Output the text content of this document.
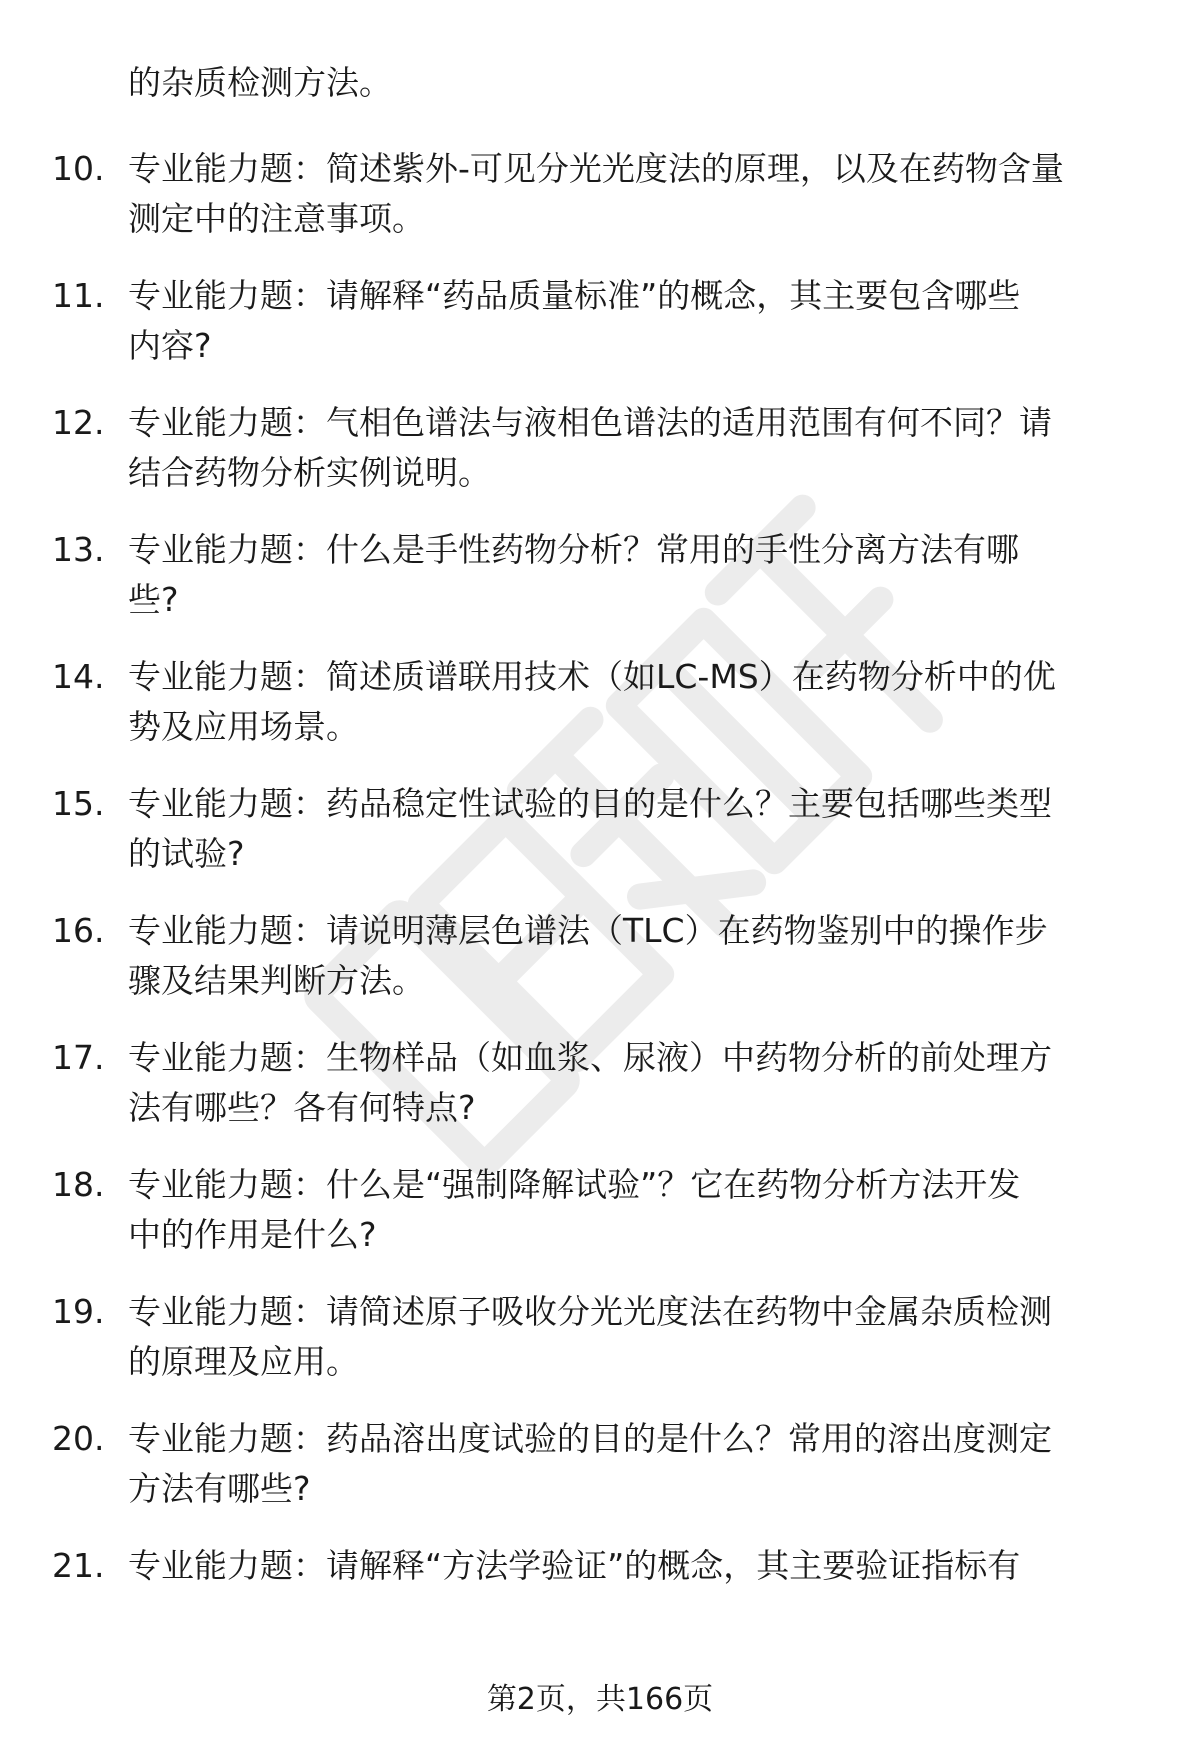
的杂质检测方法。

10. 专业能力题：简述紫外-可见分光光度法的原理，以及在药物含量
测定中的注意事项。
11. 专业能力题：请解释“药品质量标准”的概念，其主要包含哪些
内容?
12. 专业能力题：气相色谱法与液相色谱法的适用范围有何不同？请
结合药物分析实例说明。
13. 专业能力题：什么是手性药物分析？常用的手性分离方法有哪
些?
14. 专业能力题：简述质谱联用技术（如LC-MS）在药物分析中的优
势及应用场景。
15. 专业能力题：药品稳定性试验的目的是什么？主要包括哪些类型
的试验?
16. 专业能力题：请说明薄层色谱法（TLC）在药物鉴别中的操作步
骤及结果判断方法。
17. 专业能力题：生物样品（如血浆、尿液）中药物分析的前处理方
法有哪些？各有何特点?
18. 专业能力题：什么是“强制降解试验”？它在药物分析方法开发
中的作用是什么?
19. 专业能力题：请简述原子吸收分光光度法在药物中金属杂质检测
的原理及应用。
20. 专业能力题：药品溶出度试验的目的是什么？常用的溶出度测定
方法有哪些?
21. 专业能力题：请解释“方法学验证”的概念，其主要验证指标有
第2页，共166页
